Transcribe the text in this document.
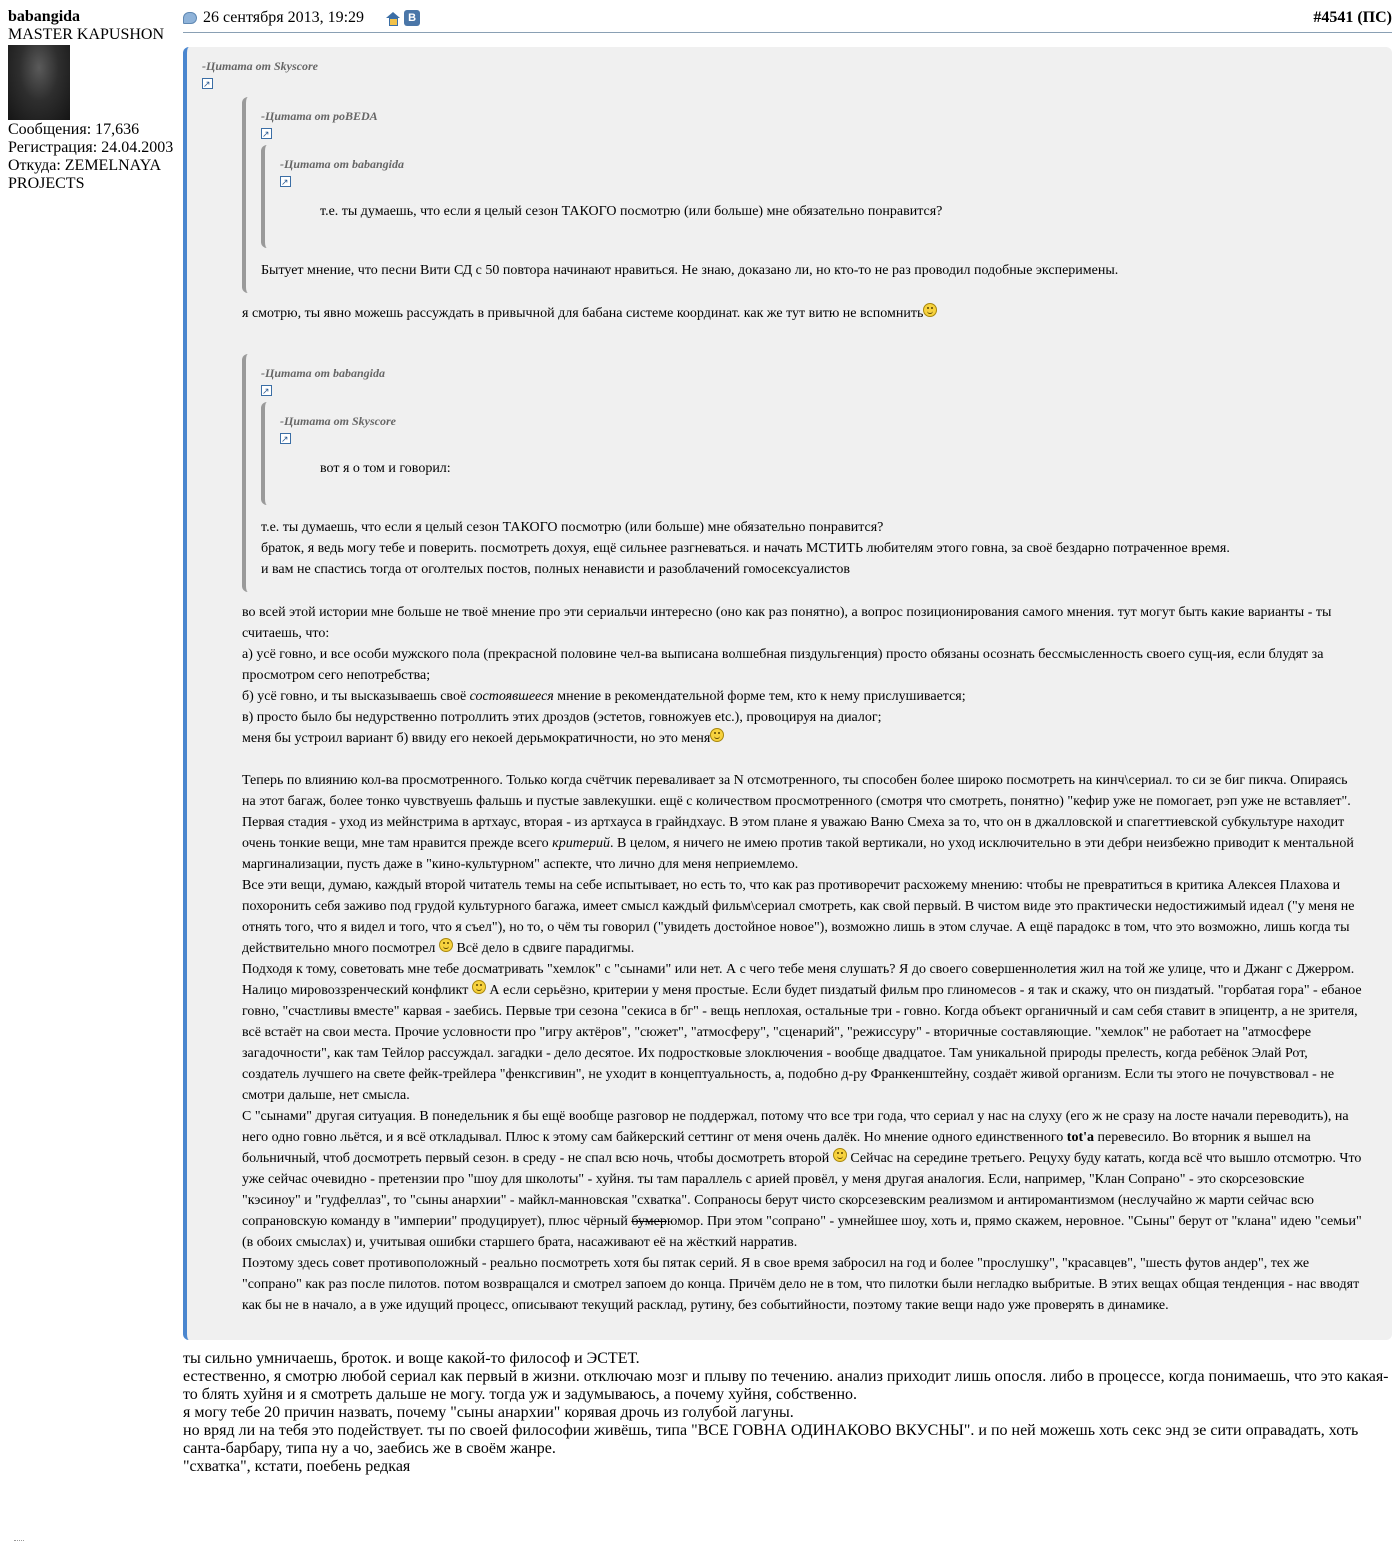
babangida
MASTER KAPUSHON
Сообщения: 17,636
Регистрация: 24.04.2003
Откуда: ZEMELNAYA PROJECTS
26 сентября 2013, 19:29	В	#4541 (ПС)
-Цитата от Skyscore
↗
-Цитата от poBEDA
↗
-Цитата от babangida
↗
т.е. ты думаешь, что если я целый сезон ТАКОГО посмотрю (или больше) мне обязательно понравится?

Бытует мнение, что песни Вити СД с 50 повтора начинают нравиться. Не знаю, доказано ли, но кто-то не раз проводил подобные эксперимены.

я смотрю, ты явно можешь рассуждать в привычной для бабана системе координат. как же тут витю не вспомнить

-Цитата от babangida
↗
-Цитата от Skyscore
↗
вот я о том и говорил:

т.е. ты думаешь, что если я целый сезон ТАКОГО посмотрю (или больше) мне обязательно понравится?

браток, я ведь могу тебе и поверить. посмотреть дохуя, ещё сильнее разгневаться. и начать МСТИТЬ любителям этого говна, за своё бездарно потраченное время.

и вам не спастись тогда от оголтелых постов, полных ненависти и разоблачений гомосексуалистов

во всей этой истории мне больше не твоё мнение про эти сериальчи интересно (оно как раз понятно), а вопрос позиционирования самого мнения. тут могут быть какие варианты - ты считаешь, что:

а) усё говно, и все особи мужского пола (прекрасной половине чел-ва выписана волшебная пиздульгенция) просто обязаны осознать бессмысленность своего сущ-ия, если блудят за просмотром сего непотребства;

б) усё говно, и ты высказываешь своё состоявшееся мнение в рекомендательной форме тем, кто к нему прислушивается;

в) просто было бы недурственно потроллить этих дроздов (эстетов, говножуев etc.), провоцируя на диалог;

меня бы устроил вариант б) ввиду его некоей дерьмократичности, но это меня

Теперь по влиянию кол-ва просмотренного. Только когда счётчик переваливает за N отсмотренного, ты способен более широко посмотреть на кинч\сериал. то си зе биг пикча. Опираясь на этот багаж, более тонко чувствуешь фальшь и пустые завлекушки. ещё с количеством просмотренного (смотря что смотреть, понятно) "кефир уже не помогает, рэп уже не вставляет". Первая стадия - уход из мейнстрима в артхаус, вторая - из артхауса в грайндхаус. В этом плане я уважаю Ваню Смеха за то, что он в джалловской и спагеттиевской субкультуре находит очень тонкие вещи, мне там нравится прежде всего критерий. В целом, я ничего не имею против такой вертикали, но уход исключительно в эти дебри неизбежно приводит к ментальной маргинализации, пусть даже в "кино-культурном" аспекте, что лично для меня неприемлемо.

Все эти вещи, думаю, каждый второй читатель темы на себе испытывает, но есть то, что как раз противоречит расхожему мнению: чтобы не превратиться в критика Алексея Плахова и похоронить себя заживо под грудой культурного багажа, имеет смысл каждый фильм\сериал смотреть, как свой первый. В чистом виде это практически недостижимый идеал ("у меня не отнять того, что я видел и того, что я съел"), но то, о чём ты говорил ("увидеть достойное новое"), возможно лишь в этом случае. А ещё парадокс в том, что это возможно, лишь когда ты действительно много посмотрел  Всё дело в сдвиге парадигмы.

Подходя к тому, советовать мне тебе досматривать "хемлок" с "сынами" или нет. А с чего тебе меня слушать? Я до своего совершеннолетия жил на той же улице, что и Джанг с Джерром. Налицо мировоззренческий конфликт  А если серьёзно, критерии у меня простые. Если будет пиздатый фильм про глиномесов - я так и скажу, что он пиздатый. "горбатая гора" - ебаное говно, "счастливы вместе" карвая - заебись. Первые три сезона "секиса в бг" - вещь неплохая, остальные три - говно. Когда объект органичный и сам себя ставит в эпицентр, а не зрителя, всё встаёт на свои места. Прочие условности про "игру актёров", "сюжет", "атмосферу", "сценарий", "режиссуру" - вторичные составляющие. "хемлок" не работает на "атмосфере загадочности", как там Тейлор рассуждал. загадки - дело десятое. Их подростковые злоключения - вообще двадцатое. Там уникальной природы прелесть, когда ребёнок Элай Рот, создатель лучшего на свете фейк-трейлера "фенксгивин", не уходит в концептуальность, а, подобно д-ру Франкенштейну, создаёт живой организм. Если ты этого не почувствовал - не смотри дальше, нет смысла.

С "сынами" другая ситуация. В понедельник я бы ещё вообще разговор не поддержал, потому что все три года, что сериал у нас на слуху (его ж не сразу на лосте начали переводить), на него одно говно льётся, и я всё откладывал. Плюс к этому сам байкерский сеттинг от меня очень далёк. Но мнение одного единственного tot'a перевесило. Во вторник я вышел на больничный, чтоб досмотреть первый сезон. в среду - не спал всю ночь, чтобы досмотреть второй  Сейчас на середине третьего. Рецуху буду катать, когда всё что вышло отсмотрю. Что уже сейчас очевидно - претензии про "шоу для школоты" - хуйня. ты там параллель с арией провёл, у меня другая аналогия. Если, например, "Клан Сопрано" - это скорсезовские "кэсиноу" и "гудфеллаз", то "сыны анархии" - майкл-манновская "схватка". Сопраносы берут чисто скорсезевским реализмом и антиромантизмом (неслучайно ж марти сейчас всю сопрановскую команду в "империи" продуцирует), плюс чёрный бумерюмор. При этом "сопрано" - умнейшее шоу, хоть и, прямо скажем, неровное. "Сыны" берут от "клана" идею "семьи" (в обоих смыслах) и, учитывая ошибки старшего брата, насаживают её на жёсткий нарратив.

Поэтому здесь совет противоположный - реально посмотреть хотя бы пятак серий. Я в свое время забросил на год и более "прослушку", "красавцев", "шесть футов андер", тех же "сопрано" как раз после пилотов. потом возвращался и смотрел запоем до конца. Причём дело не в том, что пилотки были негладко выбритые. В этих вещах общая тенденция - нас вводят как бы не в начало, а в уже идущий процесс, описывают текущий расклад, рутину, без событийности, поэтому такие вещи надо уже проверять в динамике.

ты сильно умничаешь, броток. и воще какой-то философ и ЭСТЕТ.
естественно, я смотрю любой сериал как первый в жизни. отключаю мозг и плыву по течению. анализ приходит лишь опосля. либо в процессе, когда понимаешь, что это какая-то блять хуйня и я смотреть дальше не могу. тогда уж и задумываюсь, а почему хуйня, собственно.
я могу тебе 20 причин назвать, почему "сыны анархии" корявая дрочь из голубой лагуны.
но вряд ли на тебя это подействует. ты по своей философии живёшь, типа "ВСЕ ГОВНА ОДИНАКОВО ВКУСНЫ". и по ней можешь хоть секс энд зе сити оправадать, хоть санта-барбару, типа ну а чо, заебись же в своём жанре.
"схватка", кстати, поебень редкая
